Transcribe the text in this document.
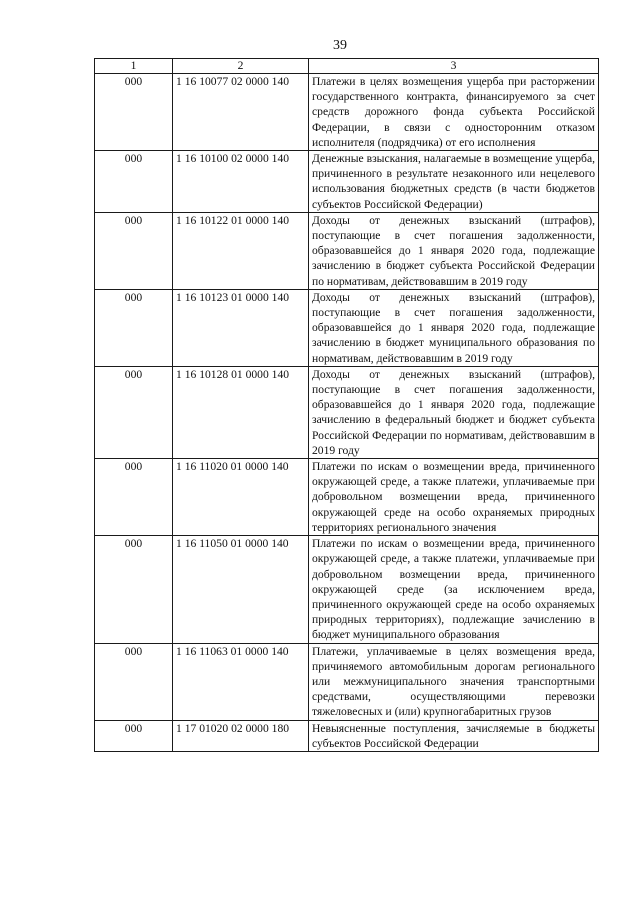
39
1	2	3
000	1 16 10077 02 0000 140	Платежи в целях возмещения ущерба при расторжении государственного контракта, финансируемого за счет средств дорожного фонда субъекта Российской Федерации, в связи с односторонним отказом исполнителя (подрядчика) от его исполнения
000	1 16 10100 02 0000 140	Денежные взыскания, налагаемые в возмещение ущерба, причиненного в результате незаконного или нецелевого использования бюджетных средств (в части бюджетов субъектов Российской Федерации)
000	1 16 10122 01 0000 140	Доходы от денежных взысканий (штрафов), поступающие в счет погашения задолженности, образовавшейся до 1 января 2020 года, подлежащие зачислению в бюджет субъекта Российской Федерации по нормативам, действовавшим в 2019 году
000	1 16 10123 01 0000 140	Доходы от денежных взысканий (штрафов), поступающие в счет погашения задолженности, образовавшейся до 1 января 2020 года, подлежащие зачислению в бюджет муниципального образования по нормативам, действовавшим в 2019 году
000	1 16 10128 01 0000 140	Доходы от денежных взысканий (штрафов), поступающие в счет погашения задолженности, образовавшейся до 1 января 2020 года, подлежащие зачислению в федеральный бюджет и бюджет субъекта Российской Федерации по нормативам, действовавшим в 2019 году
000	1 16 11020 01 0000 140	Платежи по искам о возмещении вреда, причиненного окружающей среде, а также платежи, уплачиваемые при добровольном возмещении вреда, причиненного окружающей среде на особо охраняемых природных территориях регионального значения
000	1 16 11050 01 0000 140	Платежи по искам о возмещении вреда, причиненного окружающей среде, а также платежи, уплачиваемые при добровольном возмещении вреда, причиненного окружающей среде (за исключением вреда, причиненного окружающей среде на особо охраняемых природных территориях), подлежащие зачислению в бюджет муниципального образования
000	1 16 11063 01 0000 140	Платежи, уплачиваемые в целях возмещения вреда, причиняемого автомобильным дорогам регионального или межмуниципального значения транспортными средствами, осуществляющими перевозки тяжеловесных и (или) крупногабаритных грузов
000	1 17 01020 02 0000 180	Невыясненные поступления, зачисляемые в бюджеты субъектов Российской Федерации
